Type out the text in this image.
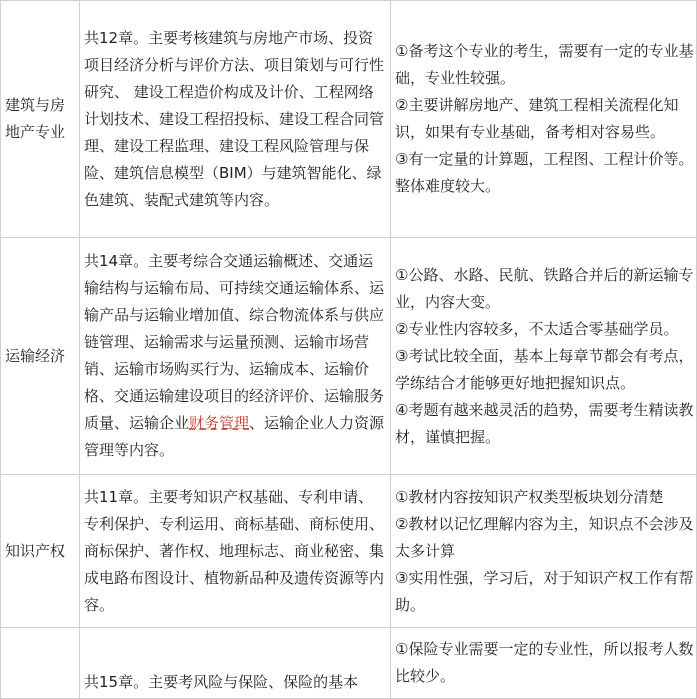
建筑与房地产专业	共12章。主要考核建筑与房地产市场、投资项目经济分析与评价方法、项目策划与可行性研究、 建设工程造价构成及计价、工程网络计划技术、建设工程招投标、建设工程合同管理、建设工程监理、建设工程风险管理与保险、建筑信息模型（BIM）与建筑智能化、绿色建筑、装配式建筑等内容。	①备考这个专业的考生，需要有一定的专业基础，专业性较强。
②主要讲解房地产、建筑工程相关流程化知识，如果有专业基础，备考相对容易些。
③有一定量的计算题，工程图、工程计价等。整体难度较大。

运输经济	共14章。主要考综合交通运输概述、交通运输结构与运输布局、可持续交通运输体系、运输产品与运输业增加值、综合物流体系与供应链管理、运输需求与运量预测、运输市场营销、运输市场购买行为、运输成本、运输价格、交通运输建设项目的经济评价、运输服务质量、运输企业财务管理、运输企业人力资源管理等内容。	①公路、水路、民航、铁路合并后的新运输专业，内容大变。
②专业性内容较多，不太适合零基础学员。
③考试比较全面，基本上每章节都会有考点，学练结合才能够更好地把握知识点。
④考题有越来越灵活的趋势，需要考生精读教材，谨慎把握。

知识产权	共11章。主要考知识产权基础、专利申请、专利保护、专利运用、商标基础、商标使用、商标保护、著作权、地理标志、商业秘密、集成电路布图设计、植物新品种及遗传资源等内容。	①教材内容按知识产权类型板块划分清楚
②教材以记忆理解内容为主，知识点不会涉及太多计算
③实用性强，学习后，对于知识产权工作有帮助。

	共15章。主要考风险与保险、保险的基本	①保险专业需要一定的专业性，所以报考人数比较少。
